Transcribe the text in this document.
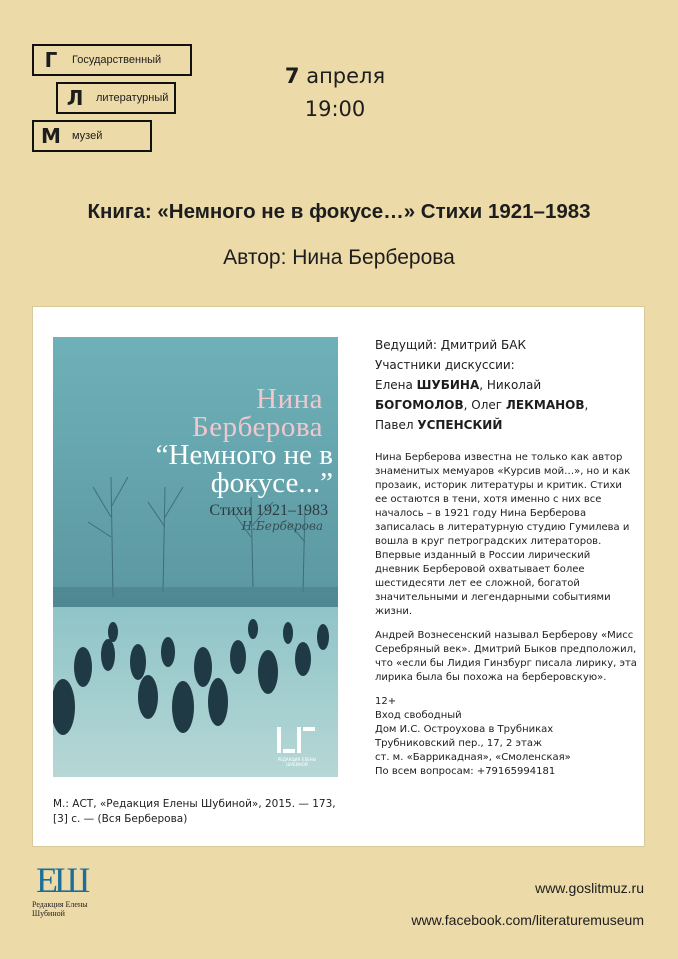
Г	Государственный
Л	литературный
М музей
7 апреля
19:00
Книга: «Немного не в фокусе…» Стихи 1921–1983
Автор: Нина Берберова
Нина Берберова
“Немного не в фокусе...”
Стихи 1921–1983
Н.Берберова
РЕДАКЦИЯ ЕЛЕНЫ ШУБИНОЙ
М.: АСТ, «Редакция Елены Шубиной», 2015. — 173, [3] с. — (Вся Берберова)
Ведущий: Дмитрий БАК
Участники дискуссии:
Елена ШУБИНА, Николай
БОГОМОЛОВ, Олег ЛЕКМАНОВ,
Павел УСПЕНСКИЙ

Нина Берберова известна не только как автор знаменитых мемуаров «Курсив мой…», но и как прозаик, историк литературы и критик. Стихи ее остаются в тени, хотя именно с них все началось – в 1921 году Нина Берберова записалась в литературную студию Гумилева и вошла в круг петроградских литераторов. Впервые изданный в России лирический дневник Берберовой охватывает более шестидесяти лет ее сложной, богатой значительными и легендарными событиями жизни.

Андрей Вознесенский называл Берберову «Мисс Серебряный век». Дмитрий Быков предположил, что «если бы Лидия Гинзбург писала лирику, эта лирика была бы похожа на берберовскую».

12+
Вход свободный
Дом И.С. Остроухова в Трубниках
Трубниковский пер., 17, 2 этаж
ст. м. «Баррикадная», «Смоленская»
По всем вопросам: +79165994181
ЕШ
Редакция Елены Шубиной
www.goslitmuz.ru
www.facebook.com/literaturemuseum
